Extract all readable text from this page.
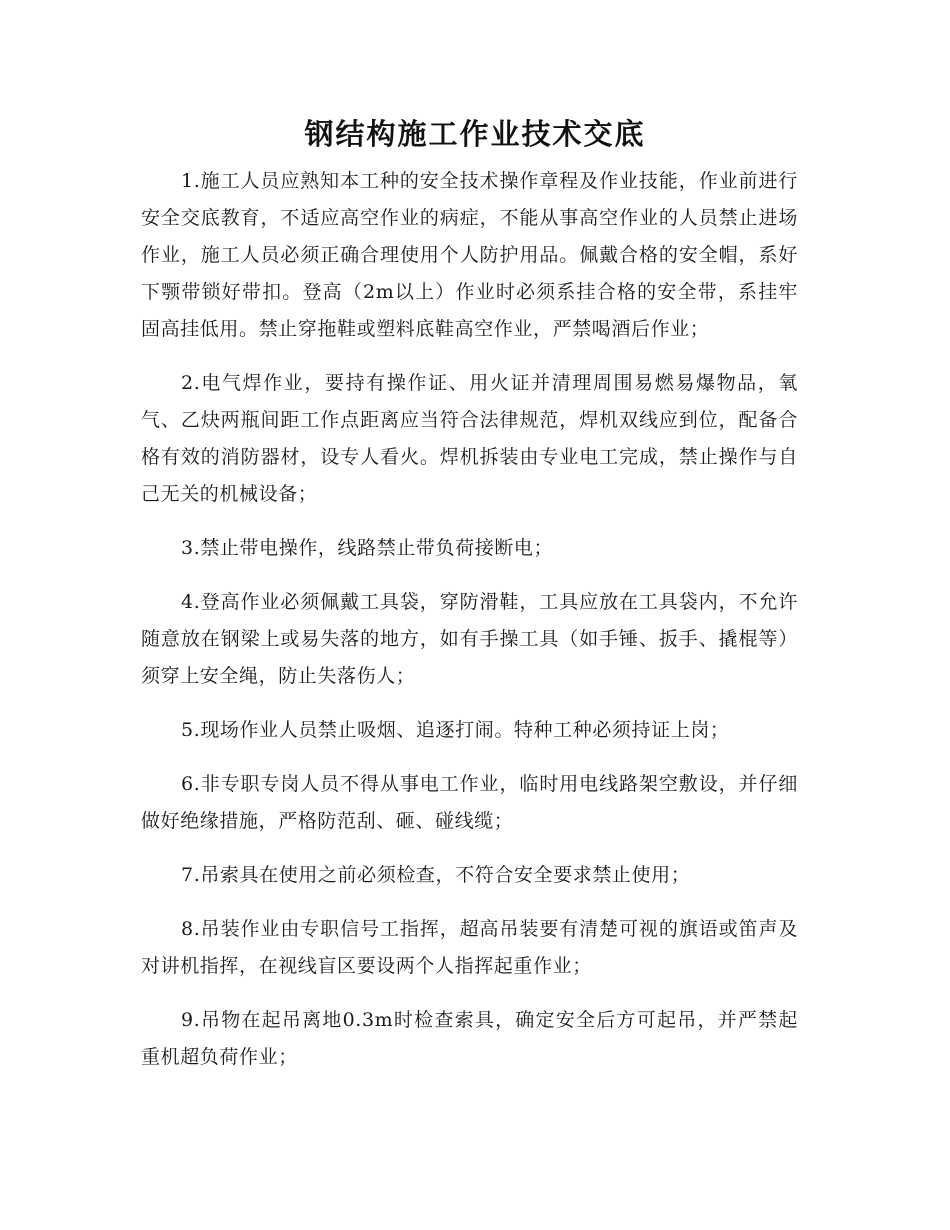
钢结构施工作业技术交底

1.施工人员应熟知本工种的安全技术操作章程及作业技能，作业前进行安全交底教育，不适应高空作业的病症，不能从事高空作业的人员禁止进场作业，施工人员必须正确合理使用个人防护用品。佩戴合格的安全帽，系好下颚带锁好带扣。登高（2m以上）作业时必须系挂合格的安全带，系挂牢固高挂低用。禁止穿拖鞋或塑料底鞋高空作业，严禁喝酒后作业；

2.电气焊作业，要持有操作证、用火证并清理周围易燃易爆物品，氧气、乙炔两瓶间距工作点距离应当符合法律规范，焊机双线应到位，配备合格有效的消防器材，设专人看火。焊机拆装由专业电工完成，禁止操作与自己无关的机械设备；

3.禁止带电操作，线路禁止带负荷接断电；

4.登高作业必须佩戴工具袋，穿防滑鞋，工具应放在工具袋内，不允许随意放在钢梁上或易失落的地方，如有手操工具（如手锤、扳手、撬棍等）须穿上安全绳，防止失落伤人；

5.现场作业人员禁止吸烟、追逐打闹。特种工种必须持证上岗；

6.非专职专岗人员不得从事电工作业，临时用电线路架空敷设，并仔细做好绝缘措施，严格防范刮、砸、碰线缆；

7.吊索具在使用之前必须检查，不符合安全要求禁止使用；

8.吊装作业由专职信号工指挥，超高吊装要有清楚可视的旗语或笛声及对讲机指挥，在视线盲区要设两个人指挥起重作业；

9.吊物在起吊离地0.3m时检查索具，确定安全后方可起吊，并严禁起重机超负荷作业；
